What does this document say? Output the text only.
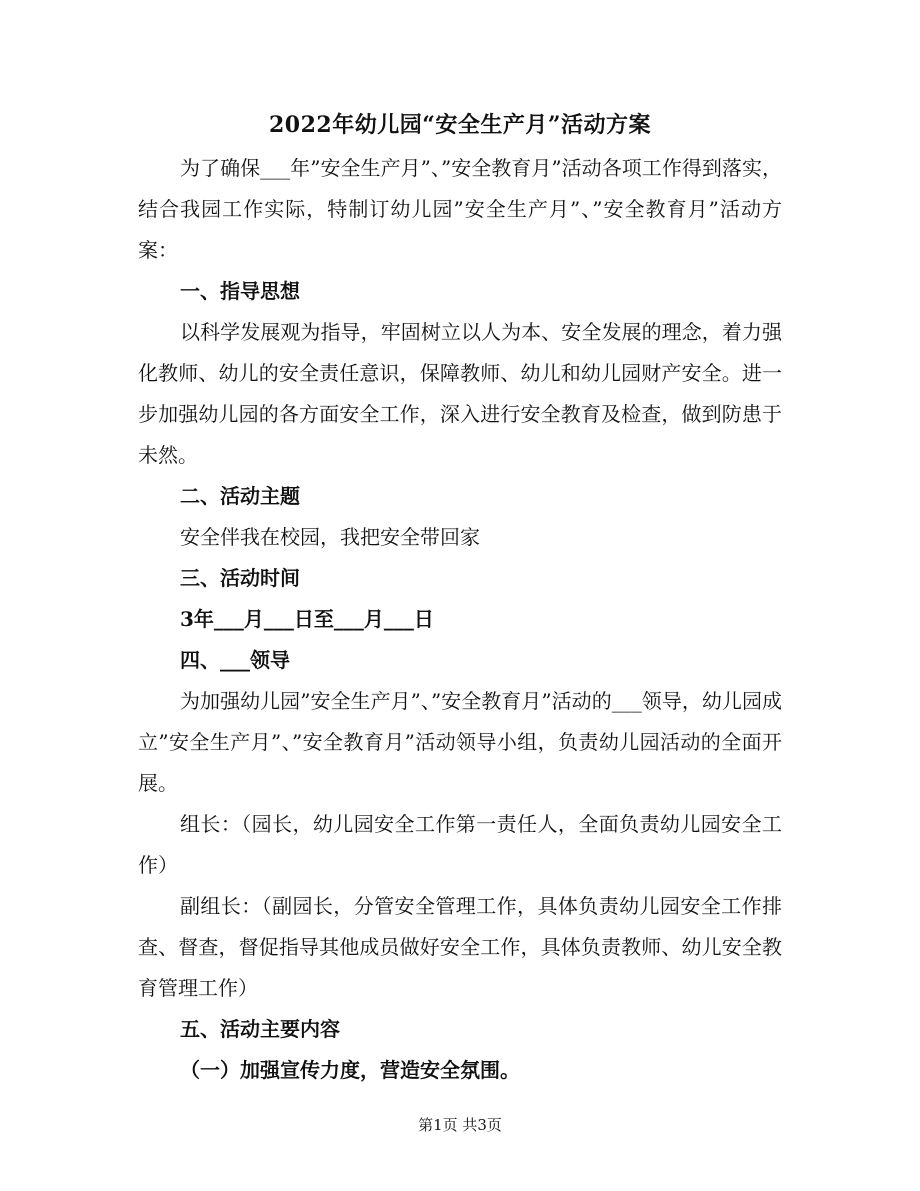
2022年幼儿园“安全生产月”活动方案

为了确保___年”安全生产月”、”安全教育月”活动各项工作得到落实，结合我园工作实际，特制订幼儿园”安全生产月”、”安全教育月”活动方案：

一、指导思想

以科学发展观为指导，牢固树立以人为本、安全发展的理念，着力强化教师、幼儿的安全责任意识，保障教师、幼儿和幼儿园财产安全。进一步加强幼儿园的各方面安全工作，深入进行安全教育及检查，做到防患于未然。

二、活动主题

安全伴我在校园，我把安全带回家

三、活动时间

3年___月___日至___月___日

四、___领导

为加强幼儿园”安全生产月”、”安全教育月”活动的___领导，幼儿园成立”安全生产月”、”安全教育月”活动领导小组，负责幼儿园活动的全面开展。

组长：（园长，幼儿园安全工作第一责任人，全面负责幼儿园安全工作）

副组长：（副园长，分管安全管理工作，具体负责幼儿园安全工作排查、督查，督促指导其他成员做好安全工作，具体负责教师、幼儿安全教育管理工作）

五、活动主要内容

（一）加强宣传力度，营造安全氛围。

第1页 共3页
